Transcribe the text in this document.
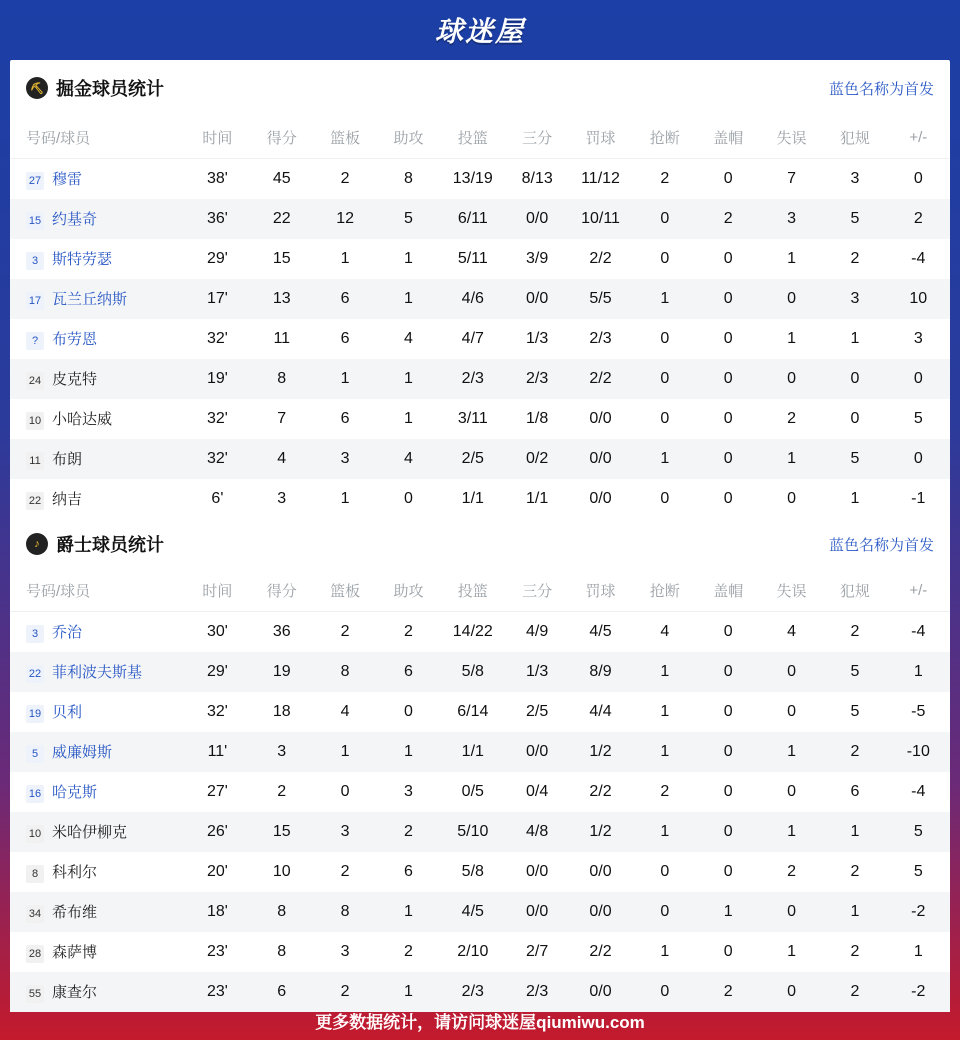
球迷屋
⛏ 掘金球员统计	蓝色名称为首发
号码/球员	时间	得分	篮板	助攻	投篮	三分	罚球	抢断	盖帽	失误	犯规	+/-
27 穆雷	38'	45	2	8	13/19	8/13	11/12	2	0	7	3	0
15 约基奇	36'	22	12	5	6/11	0/0	10/11	0	2	3	5	2
3 斯特劳瑟	29'	15	1	1	5/11	3/9	2/2	0	0	1	2	-4
17 瓦兰丘纳斯	17'	13	6	1	4/6	0/0	5/5	1	0	0	3	10
? 布劳恩	32'	11	6	4	4/7	1/3	2/3	0	0	1	1	3
24 皮克特	19'	8	1	1	2/3	2/3	2/2	0	0	0	0	0
10 小哈达威	32'	7	6	1	3/11	1/8	0/0	0	0	2	0	5
11 布朗	32'	4	3	4	2/5	0/2	0/0	1	0	1	5	0
22 纳吉	6'	3	1	0	1/1	1/1	0/0	0	0	0	1	-1
♪ 爵士球员统计	蓝色名称为首发
号码/球员	时间	得分	篮板	助攻	投篮	三分	罚球	抢断	盖帽	失误	犯规	+/-
3 乔治	30'	36	2	2	14/22	4/9	4/5	4	0	4	2	-4
22 菲利波夫斯基	29'	19	8	6	5/8	1/3	8/9	1	0	0	5	1
19 贝利	32'	18	4	0	6/14	2/5	4/4	1	0	0	5	-5
5 威廉姆斯	11'	3	1	1	1/1	0/0	1/2	1	0	1	2	-10
16 哈克斯	27'	2	0	3	0/5	0/4	2/2	2	0	0	6	-4
10 米哈伊柳克	26'	15	3	2	5/10	4/8	1/2	1	0	1	1	5
8 科利尔	20'	10	2	6	5/8	0/0	0/0	0	0	2	2	5
34 希布维	18'	8	8	1	4/5	0/0	0/0	0	1	0	1	-2
28 森萨博	23'	8	3	2	2/10	2/7	2/2	1	0	1	2	1
55 康查尔	23'	6	2	1	2/3	2/3	0/0	0	2	0	2	-2
更多数据统计，请访问球迷屋qiumiwu.com
